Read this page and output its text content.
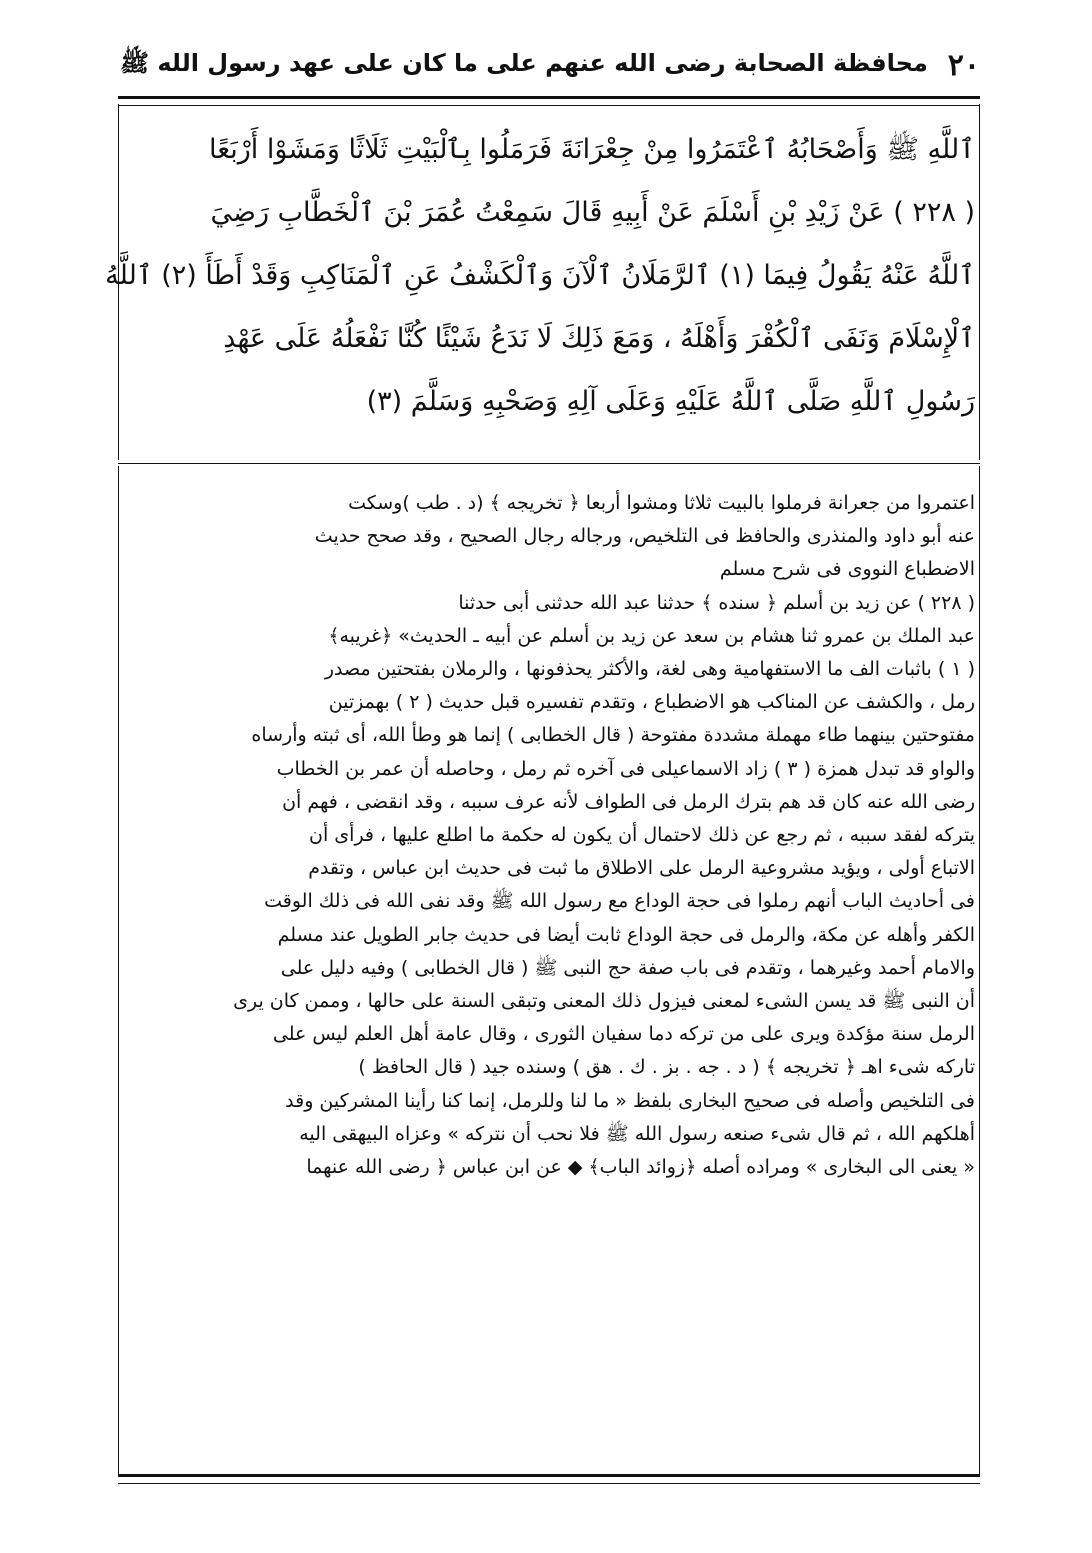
٢٠
محافظة الصحابة رضى الله عنهم على ما كان على عهد رسول الله ﷺ

ٱللَّهِ ﷺ وَأَصْحَابُهُ ٱعْتَمَرُوا مِنْ جِعْرَانَةَ فَرَمَلُوا بِٱلْبَيْتِ ثَلَاثًا وَمَشَوْا أَرْبَعًا

( ٢٢٨ ) عَنْ زَيْدِ بْنِ أَسْلَمَ عَنْ أَبِيهِ قَالَ سَمِعْتُ عُمَرَ بْنَ ٱلْخَطَّابِ رَضِيَ

ٱللَّهُ عَنْهُ يَقُولُ فِيمَا (١) ٱلرَّمَلَانُ ٱلْآنَ وَٱلْكَشْفُ عَنِ ٱلْمَنَاكِبِ وَقَدْ أَطَأَ (٢) ٱللَّهُ

ٱلْإِسْلَامَ وَنَفَى ٱلْكُفْرَ وَأَهْلَهُ ، وَمَعَ ذَلِكَ لَا نَدَعُ شَيْئًا كُنَّا نَفْعَلُهُ عَلَى عَهْدِ

رَسُولِ ٱللَّهِ صَلَّى ٱللَّهُ عَلَيْهِ وَعَلَى آلِهِ وَصَحْبِهِ وَسَلَّمَ (٣)

اعتمروا من جعرانة فرملوا بالبيت ثلاثا ومشوا أربعا ﴿ تخريجه ﴾ (د . طب )وسكت

عنه أبو داود والمنذرى والحافظ فى التلخيص، ورجاله رجال الصحيح ، وقد صحح حديث

الاضطباع النووى فى شرح مسلم

( ٢٢٨ ) عن زيد بن أسلم ﴿ سنده ﴾ حدثنا عبد الله حدثنى أبى حدثنا

عبد الملك بن عمرو ثنا هشام بن سعد عن زيد بن أسلم عن أبيه ـ الحديث» ﴿غريبه﴾

( ١ ) باثبات الف ما الاستفهامية وهى لغة، والأكثر يحذفونها ، والرملان بفتحتين مصدر

رمل ، والكشف عن المناكب هو الاضطباع ، وتقدم تفسيره قبل حديث ( ٢ ) بهمزتين

مفتوحتين بينهما طاء مهملة مشددة مفتوحة ( قال الخطابى ) إنما هو وطأ الله، أى ثبته وأرساه

والواو قد تبدل همزة ( ٣ ) زاد الاسماعيلى فى آخره ثم رمل ، وحاصله أن عمر بن الخطاب

رضى الله عنه كان قد هم بترك الرمل فى الطواف لأنه عرف سببه ، وقد انقضى ، فهم أن

يتركه لفقد سببه ، ثم رجع عن ذلك لاحتمال أن يكون له حكمة ما اطلع عليها ، فرأى أن

الاتباع أولى ، ويؤيد مشروعية الرمل على الاطلاق ما ثبت فى حديث ابن عباس ، وتقدم

فى أحاديث الباب أنهم رملوا فى حجة الوداع مع رسول الله ﷺ وقد نفى الله فى ذلك الوقت

الكفر وأهله عن مكة، والرمل فى حجة الوداع ثابت أيضا فى حديث جابر الطويل عند مسلم

والامام أحمد وغيرهما ، وتقدم فى باب صفة حج النبى ﷺ ( قال الخطابى ) وفيه دليل على

أن النبى ﷺ قد يسن الشىء لمعنى فيزول ذلك المعنى وتبقى السنة على حالها ، وممن كان يرى

الرمل سنة مؤكدة ويرى على من تركه دما سفيان الثورى ، وقال عامة أهل العلم ليس على

تاركه شىء اهـ ﴿ تخريجه ﴾ ( د . جه . بز . ك . هق ) وسنده جيد ( قال الحافظ )

فى التلخيص وأصله فى صحيح البخارى بلفظ « ما لنا وللرمل، إنما كنا رأينا المشركين وقد

أهلكهم الله ، ثم قال شىء صنعه رسول الله ﷺ فلا نحب أن نتركه » وعزاه البيهقى اليه

« يعنى الى البخارى » ومراده أصله ﴿زوائد الباب﴾ ◆ عن ابن عباس ﴿ رضى الله عنهما
